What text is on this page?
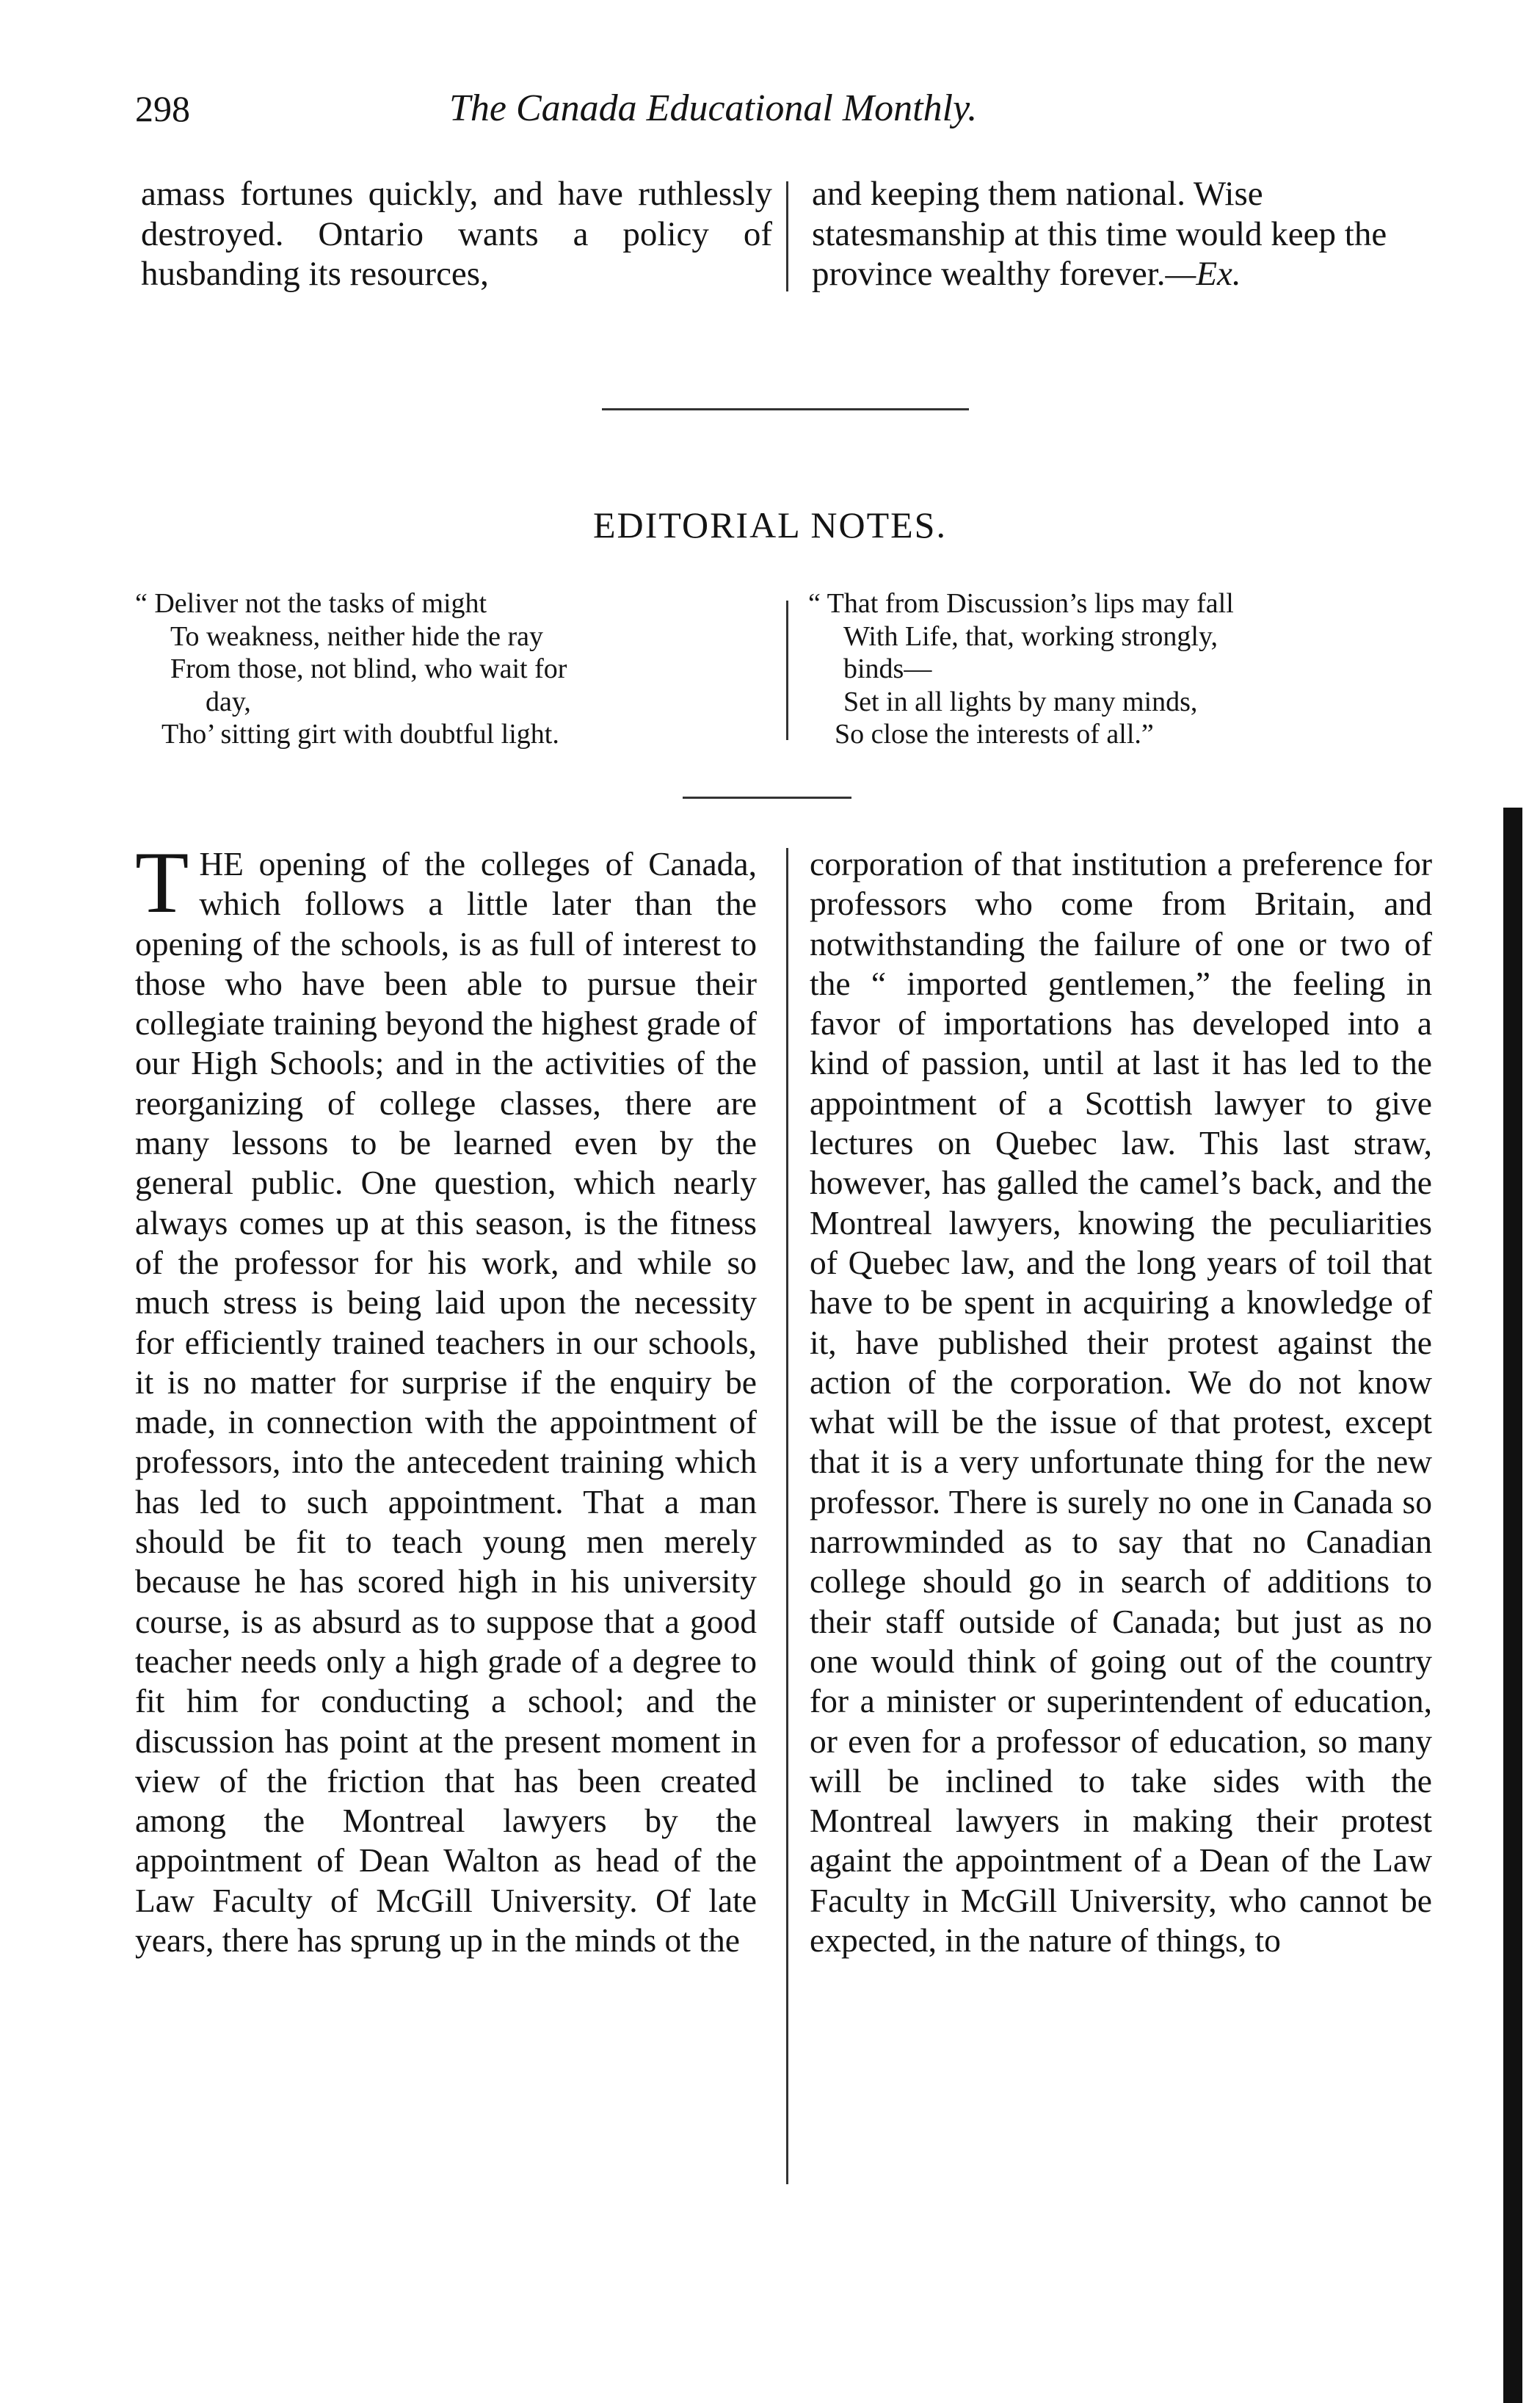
298	The Canada Educational Monthly.

amass fortunes quickly, and have ruthlessly destroyed. Ontario wants a policy of husbanding its resources,

and keeping them national. Wise statesmanship at this time would keep the province wealthy forever.—Ex.

EDITORIAL NOTES.
“ Deliver not the tasks of might
To weakness, neither hide the ray
From those, not blind, who wait for
day,
Tho’ sitting girt with doubtful light.
“ That from Discussion’s lips may fall
With Life, that, working strongly,
binds—
Set in all lights by many minds,
So close the interests of all.”

THE opening of the colleges of Canada, which follows a little later than the opening of the schools, is as full of interest to those who have been able to pursue their collegiate training beyond the highest grade of our High Schools; and in the activities of the reorganizing of college classes, there are many lessons to be learned even by the general public. One question, which nearly always comes up at this season, is the fitness of the professor for his work, and while so much stress is being laid upon the necessity for efficiently trained teachers in our schools, it is no matter for surprise if the enquiry be made, in connection with the appointment of professors, into the antecedent training which has led to such appointment. That a man should be fit to teach young men merely because he has scored high in his university course, is as absurd as to suppose that a good teacher needs only a high grade of a degree to fit him for conducting a school; and the discussion has point at the present moment in view of the friction that has been created among the Montreal lawyers by the appointment of Dean Walton as head of the Law Faculty of McGill University. Of late years, there has sprung up in the minds ot the

corporation of that institution a preference for professors who come from Britain, and notwithstanding the failure of one or two of the “ imported gentlemen,” the feeling in favor of importations has developed into a kind of passion, until at last it has led to the appointment of a Scottish lawyer to give lectures on Quebec law. This last straw, however, has galled the camel’s back, and the Montreal lawyers, knowing the peculiarities of Quebec law, and the long years of toil that have to be spent in acquiring a knowledge of it, have published their protest against the action of the corporation. We do not know what will be the issue of that protest, except that it is a very unfortunate thing for the new professor. There is surely no one in Canada so narrowminded as to say that no Canadian college should go in search of additions to their staff outside of Canada; but just as no one would think of going out of the country for a minister or superintendent of education, or even for a professor of education, so many will be inclined to take sides with the Montreal lawyers in making their protest againt the appointment of a Dean of the Law Faculty in McGill University, who cannot be expected, in the nature of things, to
